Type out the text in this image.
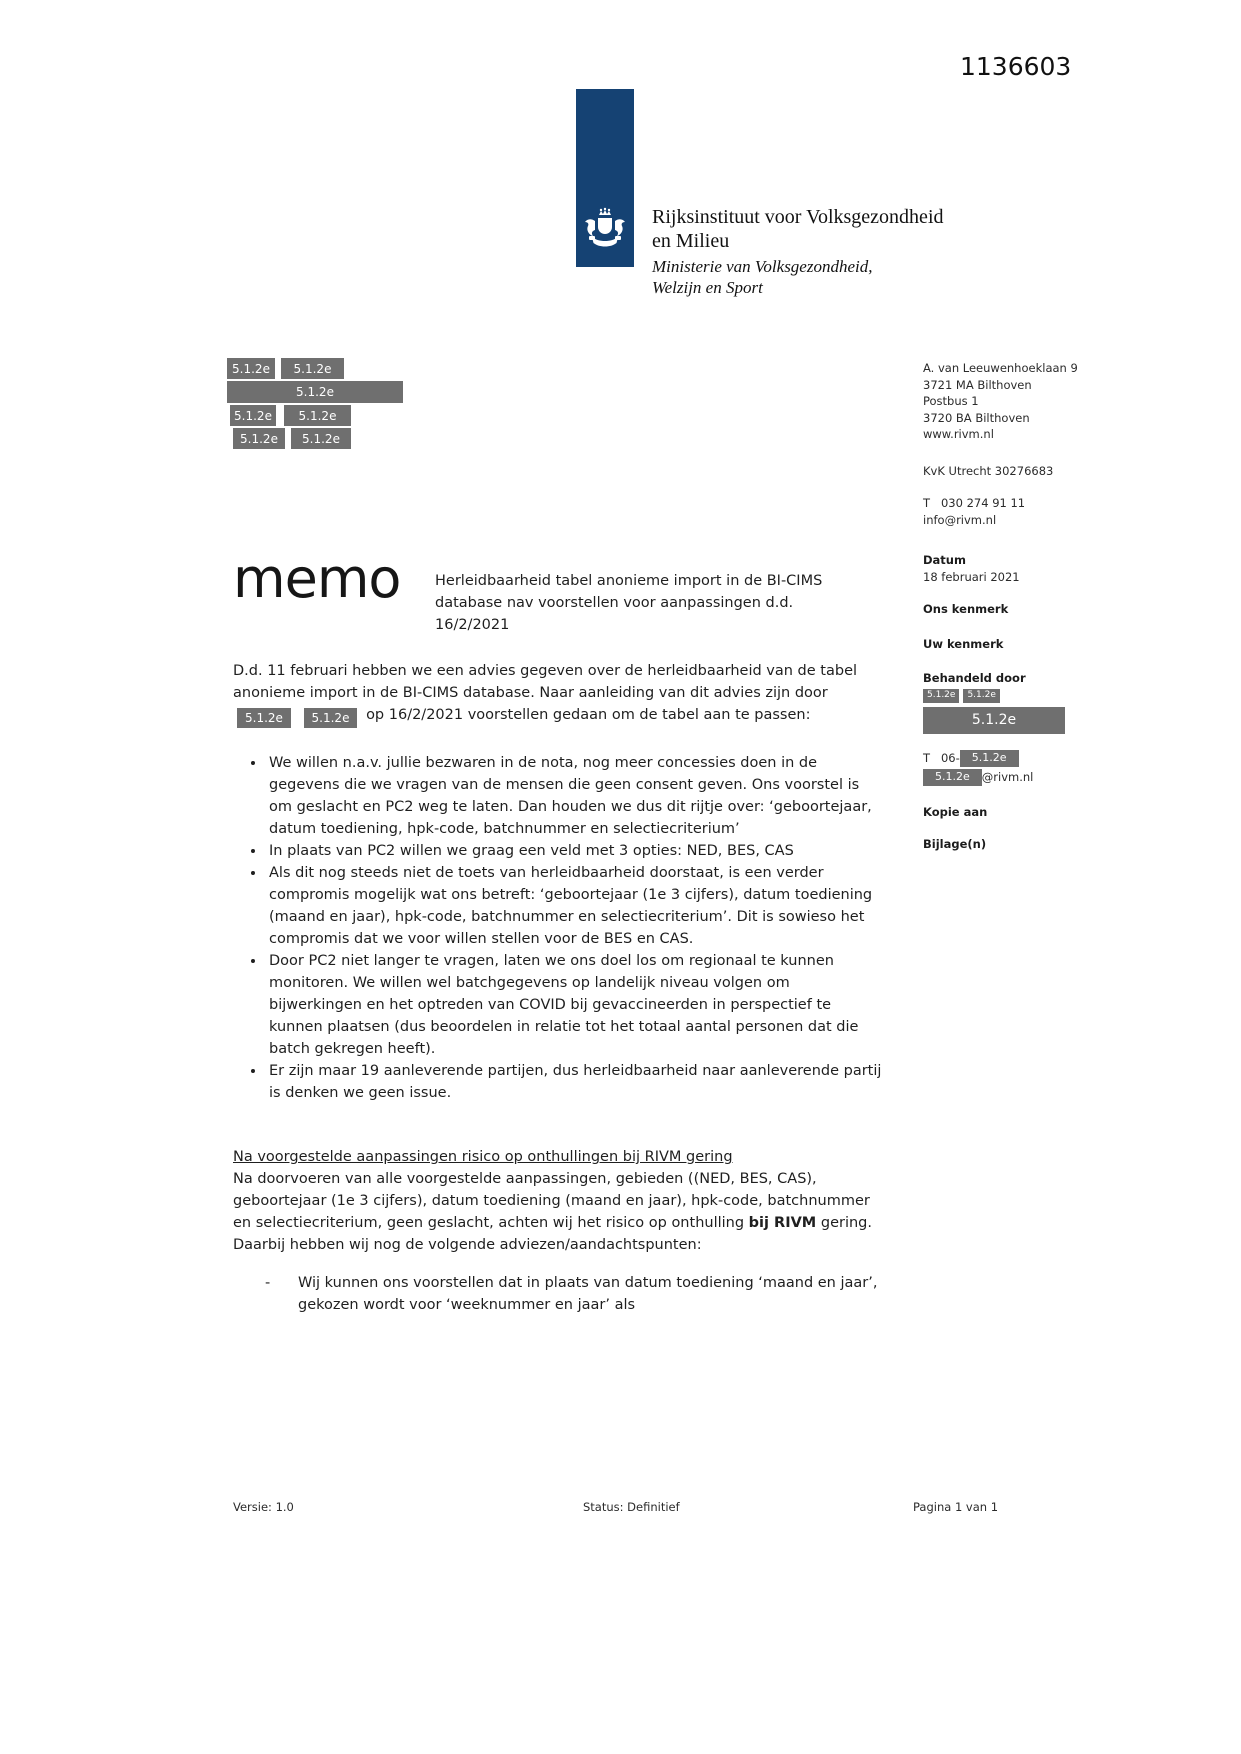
1136603
Rijksinstituut voor Volksgezondheid
en Milieu
Ministerie van Volksgezondheid,
Welzijn en Sport
5.1.2e	5.1.2e
5.1.2e
5.1.2e	5.1.2e
5.1.2e	5.1.2e
A. van Leeuwenhoeklaan 9
3721 MA Bilthoven
Postbus 1
3720 BA Bilthoven
www.rivm.nl
KvK Utrecht 30276683
T   030 274 91 11
info@rivm.nl
Datum
18 februari 2021
Ons kenmerk
Uw kenmerk
Behandeld door
5.1.2e	5.1.2e
5.1.2e
T   06-	5.1.2e
5.1.2e	@rivm.nl
Kopie aan
Bijlage(n)
memo	Herleidbaarheid tabel anonieme import in de BI-CIMS database nav voorstellen voor aanpassingen d.d. 16/2/2021
D.d. 11 februari hebben we een advies gegeven over de herleidbaarheid van de tabel anonieme import in de BI-CIMS database. Naar aanleiding van dit advies zijn door 5.1.2e 5.1.2e op 16/2/2021 voorstellen gedaan om de tabel aan te passen:
• We willen n.a.v. jullie bezwaren in de nota, nog meer concessies doen in de gegevens die we vragen van de mensen die geen consent geven. Ons voorstel is om geslacht en PC2 weg te laten. Dan houden we dus dit rijtje over: ‘geboortejaar, datum toediening, hpk-code, batchnummer en selectiecriterium’
• In plaats van PC2 willen we graag een veld met 3 opties: NED, BES, CAS
• Als dit nog steeds niet de toets van herleidbaarheid doorstaat, is een verder compromis mogelijk wat ons betreft: ‘geboortejaar (1e 3 cijfers), datum toediening (maand en jaar), hpk-code, batchnummer en selectiecriterium’. Dit is sowieso het compromis dat we voor willen stellen voor de BES en CAS.
• Door PC2 niet langer te vragen, laten we ons doel los om regionaal te kunnen monitoren. We willen wel batchgegevens op landelijk niveau volgen om bijwerkingen en het optreden van COVID bij gevaccineerden in perspectief te kunnen plaatsen (dus beoordelen in relatie tot het totaal aantal personen dat die batch gekregen heeft).
• Er zijn maar 19 aanleverende partijen, dus herleidbaarheid naar aanleverende partij is denken we geen issue.
Na voorgestelde aanpassingen risico op onthullingen bij RIVM gering
Na doorvoeren van alle voorgestelde aanpassingen, gebieden ((NED, BES, CAS), geboortejaar (1e 3 cijfers), datum toediening (maand en jaar), hpk-code, batchnummer en selectiecriterium, geen geslacht, achten wij het risico op onthulling bij RIVM gering. Daarbij hebben wij nog de volgende adviezen/aandachtspunten:
- Wij kunnen ons voorstellen dat in plaats van datum toediening ‘maand en jaar’, gekozen wordt voor ‘weeknummer en jaar’ als
Versie: 1.0	Status: Definitief	Pagina 1 van 1
